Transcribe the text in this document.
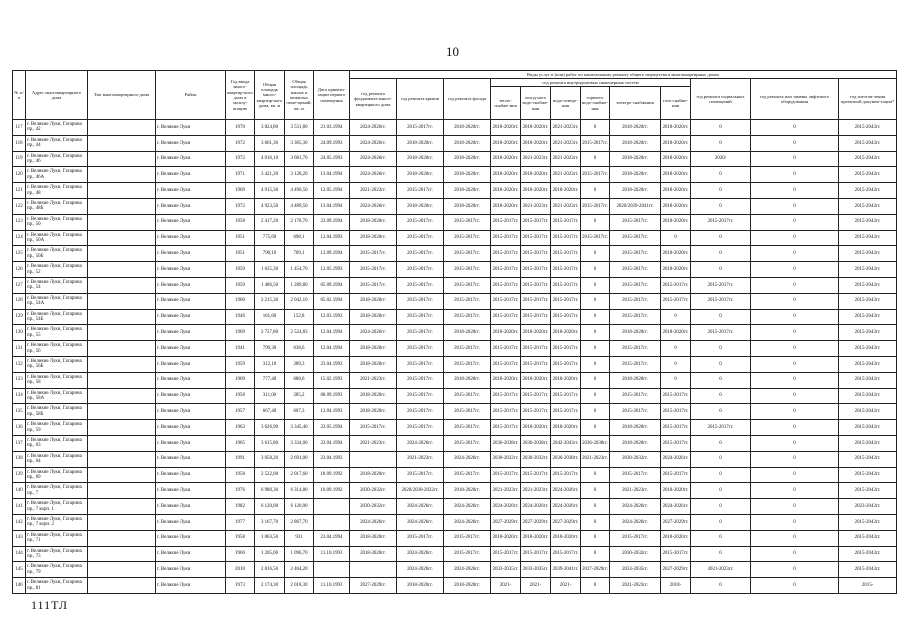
10
№ п/п	Адрес многоквартирного дома	Тип многоквартирного дома	Район	Год ввода много-квартир-ного дома в эксплу-атацию	Общая площадь много-квартир-ного дома, кв. м	Общая площадь жилых и нежилых поме-щений, кв. м	Дата привати-зации первого помещения	Виды услуг и (или) работ по капитальному ремонту общего имущества в многоквартирных домах											
								год ремонта фундамента много-квартирного дома	год ремонта крыши	год ремонта фасада	год ремонта внутридомовых инженерных систем						год ремонта подвальных помещений	год ремонта или замены лифтового оборудования	год изготов-ления проектной докумен-тации*
											тепло-снабже-ния	холод-ного водо-снабже-ния	водо-отведе-ния	горячего водо-снабже-ния	электро-снабжения	газо-снабже-ния			
117	г. Великие Луки, Гагарина пр., 42		г. Великие Луки	1970	3 824,80	3 531,80	21.03.1994	2024-2026гг.	2015-2017гг.	2018-2020гг.	2018-2020гг.	2018-2020гг.	2021-2023гг.	0	2018-2020гг.	2018-2020гг.	0	0	2015-2043гг.
118	г. Великие Луки, Гагарина пр., 44		г. Великие Луки	1972	3 661,30	3 365,30	24.09.1993	2024-2026гг.	2018-2020гг.	2018-2020гг.	2018-2020гг.	2018-2020гг.	2021-2023гг.	2015-2017гг.	2018-2020гг.	2018-2020гг.	0	0	2015-2043гг.
119	г. Великие Луки, Гагарина пр., 46		г. Великие Луки	1972	4 016,10	3 681,70	24.05.1993	2024-2026гг.	2018-2020гг.	2018-2020гг.	2018-2020гг.	2021-2023гг.	2021-2023гг.	0	2018-2020гг.	2018-2020гг.	2020/	0	2015-2043гг.
120	г. Великие Луки, Гагарина пр., 46А		г. Великие Луки	1971	3 421,20	3 128,20	13.04.1994	2024-2026гг.	2018-2020гг.	2018-2020гг.	2018-2020гг.	2018-2020гг.	2021-2023гг.	2015-2017гг.	2018-2020гг.	2018-2020гг.	0	0	2015-2043гг.
121	г. Великие Луки, Гагарина пр., 48		г. Великие Луки	1969	4 915,30	4 490,50	12.05.1994	2021-2023гг.	2015-2017гг.	2018-2020гг.	2018-2020гг.	2018-2020гг.	2018-2020гг.	0	2018-2020гг.	2018-2020гг.	0	0	2015-2043гг.
122	г. Великие Луки, Гагарина пр., 48Б		г. Великие Луки	1972	4 923,50	4 489,50	13.04.1994	2024-2026гг.	2018-2020гг.	2018-2020гг.	2018-2020гг.	2021-2023гг.	2021-2023гг.	2015-2017гг.	2020/2039-2041гг.	2018-2020гг.	0	0	2015-2043гг.
123	г. Великие Луки, Гагарина пр., 50		г. Великие Луки	1958	2 417,20	2 178,70	23.09.1994	2018-2020гг.	2015-2017гг.	2015-2017гг.	2015-2017гг.	2015-2017гг.	2015-2017гг.	0	2015-2017гг.	2018-2020гг.	2015-2017гг.	0	2015-2043гг.
124	г. Великие Луки, Гагарина пр., 50А		г. Великие Луки	1951	775,60	698,1	12.04.1993	2018-2020гг.	2015-2017гг.	2015-2017гг.	2015-2017гг.	2015-2017гг.	2015-2017гг.	2015-2017гг.	2015-2017гг.	0	0	0	2015-2043гг.
125	г. Великие Луки, Гагарина пр., 50Б		г. Великие Луки	1951	790,10	709,1	13.09.1994	2015-2017гг.	2015-2017гг.	2015-2017гг.	2015-2017гг.	2015-2017гг.	2015-2017гг.	0	2015-2017гг.	2018-2020гг.	0	0	2015-2043гг.
126	г. Великие Луки, Гагарина пр., 52		г. Великие Луки	1959	1 625,30	1 454,70	12.05.1993	2015-2017гг.	2015-2017гг.	2015-2017гг.	2015-2017гг.	2015-2017гг.	2015-2017гг.	0	2015-2017гг.	2018-2020гг.	0	0	2015-2043гг.
127	г. Великие Луки, Гагарина пр., 54		г. Великие Луки	1959	1 486,50	1 289,80	05.09.1994	2015-2017гг.	2015-2017гг.	2015-2017гг.	2015-2017гг.	2015-2017гг.	2015-2017гг.	0	2015-2017гг.	2015-2017гг.	2015-2017гг.	0	2015-2043гг.
128	г. Великие Луки, Гагарина пр., 54А		г. Великие Луки	1960	2 215,30	2 042,10	05.02.1994	2018-2020гг.	2015-2017гг.	2015-2017гг.	2015-2017гг.	2015-2017гг.	2015-2017гг.	0	2015-2017гг.	2015-2017гг.	2015-2017гг.	0	2015-2043гг.
129	г. Великие Луки, Гагарина пр., 54Б		г. Великие Луки	1946	161,60	152,8	12.03.1993	2018-2020гг.	2015-2017гг.	2015-2017гг.	2015-2017гг.	2015-2017гг.	2015-2017гг.	0	2015-2017гг.	0	0	0	2015-2043гг.
130	г. Великие Луки, Гагарина пр., 55		г. Великие Луки	1969	2 727,80	2 524,83	12.04.1994	2024-2026гг.	2015-2017гг.	2018-2020гг.	2018-2020гг.	2018-2020гг.	2018-2020гг.	0	2018-2020гг.	2018-2020гг.	2015-2017гг.	0	2015-2043гг.
131	г. Великие Луки, Гагарина пр., 56		г. Великие Луки	1941	799,30	638,6	12.04.1994	2018-2020гг.	2015-2017гг.	2015-2017гг.	2015-2017гг.	2015-2017гг.	2015-2017гг.	0	2015-2017гг.	0	0	0	2015-2043гг.
132	г. Великие Луки, Гагарина пр., 56Б		г. Великие Луки	1959	312,10	289,3	23.04.1993	2018-2020гг.	2015-2017гг.	2015-2017гг.	2015-2017гг.	2015-2017гг.	2015-2017гг.	0	2015-2017гг.	0	0	0	2015-2043гг.
133	г. Великие Луки, Гагарина пр., 58		г. Великие Луки	1969	777,40	688,6	15.02.1993	2021-2023гг.	2015-2017гг.	2018-2020гг.	2018-2020гг.	2018-2020гг.	2018-2020гг.	0	2018-2020гг.	0	0	0	2015-2043гг.
134	г. Великие Луки, Гагарина пр., 58А		г. Великие Луки	1958	311,00	285,2	08.09.1993	2018-2020гг.	2015-2017гг.	2015-2017гг.	2015-2017гг.	2015-2017гг.	2015-2017гг.	0	2015-2017гг.	2015-2017гг.	0	0	2015-2043гг.
135	г. Великие Луки, Гагарина пр., 58Б		г. Великие Луки	1957	667,40	607,3	12.04.1993	2018-2020гг.	2015-2017гг.	2015-2017гг.	2015-2017гг.	2015-2017гг.	2015-2017гг.	0	2015-2017гг.	2015-2017гг.	0	0	2015-2043гг.
136	г. Великие Луки, Гагарина пр., 59		г. Великие Луки	1963	3 626,90	3 345,40	23.05.1994	2015-2017гг.	2015-2017гг.	2015-2017гг.	2015-2017гг.	2018-2020гг.	2018-2020гг.	0	2018-2020гг.	2015-2017гг.	2015-2017гг.	0	2015-2043гг.
137	г. Великие Луки, Гагарина пр., 63		г. Великие Луки	1965	3 615,80	3 334,00	23.04.1994	2021-2023гг.	2024-2026гг.	2015-2017гг.	2036-2038гг.	2036-2038гг.	2042-2043гг.	2036-2038гг.	2018-2020гг.	2015-2017гг.	0	0	2015-2043гг.
138	г. Великие Луки, Гагарина пр., 64		г. Великие Луки	1991	3 058,20	2 691,00	23.04.1993		2021-2023гг.	2024-2026гг.	2030-2032гг.	2030-2032гг.	2036-2038гг.	2021-2023гг.	2030-2032гг.	2024-2026гг.	0	0	2015-2043гг.
139	г. Великие Луки, Гагарина пр., 69		г. Великие Луки	1958	2 522,00	2 017,60	18.09.1992	2018-2020гг.	2015-2017гг.	2015-2017гг.	2015-2017гг.	2015-2017гг.	2015-2017гг.	0	2015-2017гг.	2015-2017гг.	0	0	2015-2043гг.
140	г. Великие Луки, Гагарина пр., 7		г. Великие Луки	1976	6 980,30	6 314,80	10.09.1992	2030-2032гг.	2020/2030-2032гг.	2018-2020гг.	2021-2023гг.	2021-2023гг.	2024-2026гг.	0	2021-2023гг.	2018-2020гг.	0	0	2015-2043гг.
141	г. Великие Луки, Гагарина пр., 7 корп. 1		г. Великие Луки	1982	6 120,00	6 120,00		2030-2032гг.	2024-2026гг.	2024-2026гг.	2024-2026гг.	2024-2026гг.	2024-2026гг.	0	2024-2026гг.	2024-2026гг.	0	0	2023-2043гг.
142	г. Великие Луки, Гагарина пр., 7 корп. 2		г. Великие Луки	1977	3 167,70	2 867,70		2024-2026гг.	2024-2026гг.	2024-2026гг.	2027-2029гг.	2027-2029гг.	2027-2029гг.	0	2024-2026гг.	2027-2029гг.	0	0	2015-2043гг.
143	г. Великие Луки, Гагарина пр., 71		г. Великие Луки	1958	1 063,50	931	23.04.1994	2018-2020гг.	2015-2017гг.	2015-2017гг.	2018-2020гг.	2018-2020гг.	2018-2020гг.	0	2015-2017гг.	2018-2020гг.	0	0	2015-2043гг.
144	г. Великие Луки, Гагарина пр., 73		г. Великие Луки	1960	1 205,00	1 096,70	11.10.1993	2018-2020гг.	2024-2026гг.	2015-2017гг.	2015-2017гг.	2015-2017гг.	2015-2017гг.	0	2030-2032гг.	2015-2017гг.	0	0	2015-2043гг.
145	г. Великие Луки, Гагарина пр., 79		г. Великие Луки	2010	2 816,50	2 464,20			2024-2026гг.	2024-2026гг.	2033-2035гг.	2033-2035гг.	2039-2041гг.	2027-2029гг.	2033-2035гг.	2027-2029гг.	2021-2023гг.	0	2015-2043гг.
146	г. Великие Луки, Гагарина пр., 81		г. Великие Луки	1973	2 174,30	2 018,30	11.10.1993	2027-2029гг.	2018-2020гг.	2018-2020гг.	2021-	2021-	2021-	0	2021-2023гг.	2018-	0	0	2015-
111ТЛ
